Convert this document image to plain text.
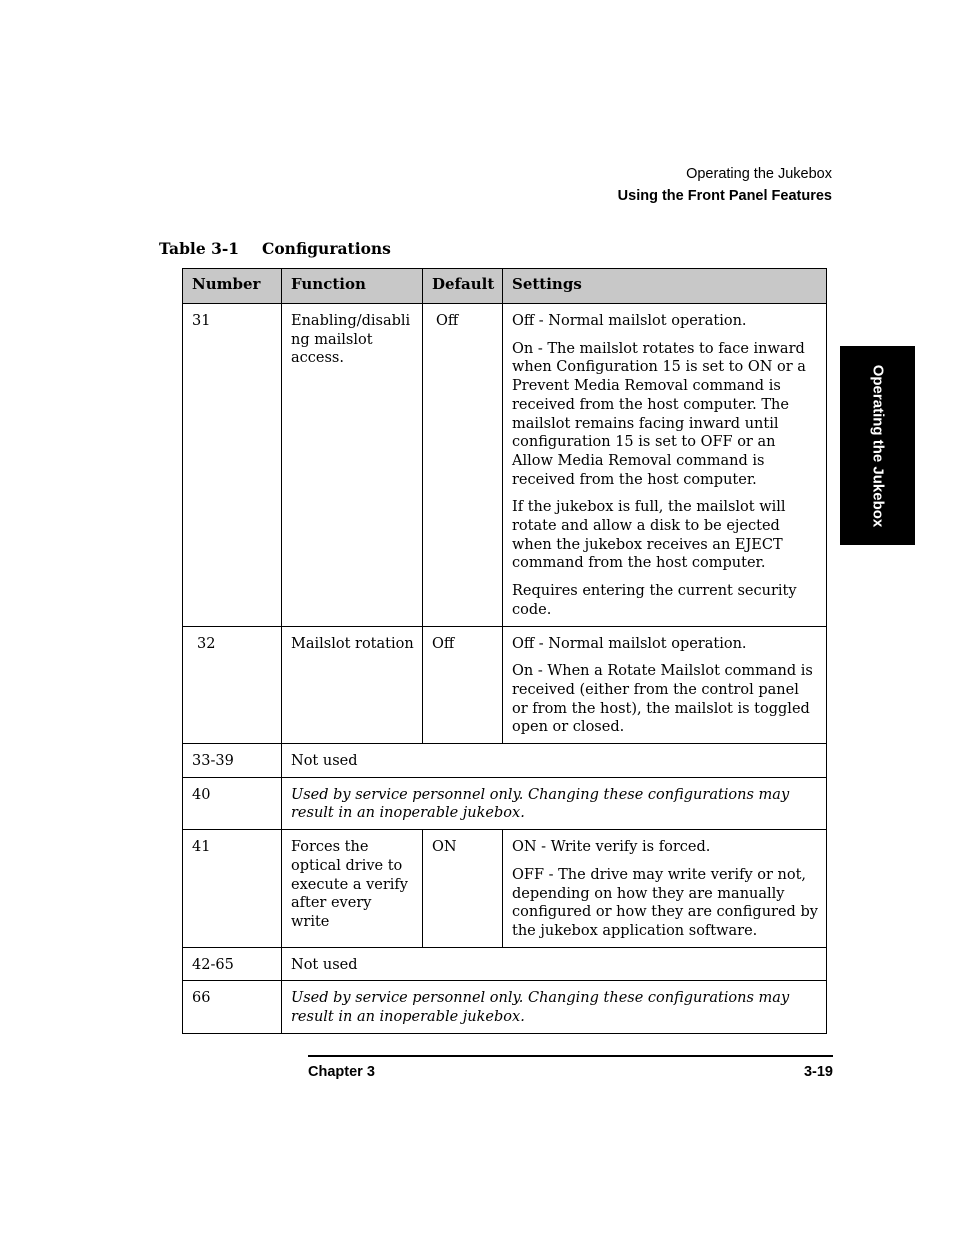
Operating the Jukebox
Using the Front Panel Features
Table 3-1 Configurations
Operating the Jukebox
Number	Function	Default	Settings
31	Enabling/disabli ng mailslot access.	Off	Off - Normal mailslot operation.

On - The mailslot rotates to face inward when Configuration 15 is set to ON or a Prevent Media Removal command is received from the host computer. The mailslot remains facing inward until configuration 15 is set to OFF or an Allow Media Removal command is received from the host computer.

If the jukebox is full, the mailslot will rotate and allow a disk to be ejected when the jukebox receives an EJECT command from the host computer.

Requires entering the current security code.

32	Mailslot rotation	Off	Off - Normal mailslot operation.

On - When a Rotate Mailslot command is received (either from the control panel or from the host), the mailslot is toggled open or closed.

33-39	Not used		
40	Used by service personnel only. Changing these configurations may result in an inoperable jukebox.		
41	Forces the optical drive to execute a verify after every write	ON	ON - Write verify is forced.

OFF - The drive may write verify or not, depending on how they are manually configured or how they are configured by the jukebox application software.

42-65	Not used		
66	Used by service personnel only. Changing these configurations may result in an inoperable jukebox.		
Chapter 3	3-19
